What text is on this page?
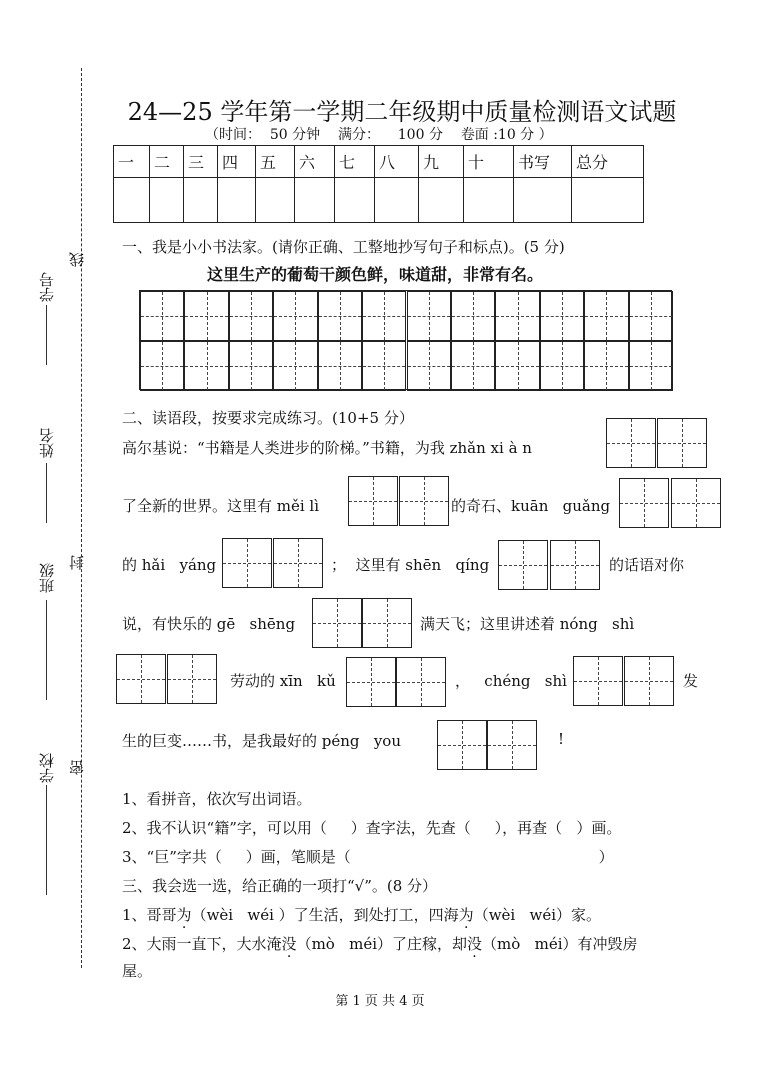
学号
线
姓名
班级
封
学校 密
24—25 学年第一学期二年级期中质量检测语文试题
（时间：  50 分钟    满分：    100 分    卷面 :10 分 ）
一	二	三	四	五	六	七	八	九	十	书写	总分

一、我是小小书法家。(请你正确、工整地抄写句子和标点)。(5 分)
这里生产的葡萄干颜色鲜，味道甜，非常有名。
二、读语段，按要求完成练习。(10+5 分）
高尔基说：“书籍是人类进步的阶梯。”书籍，为我 zhǎn xi à n
了全新的世界。这里有 měi lì	的奇石、kuān   guǎng
的 hǎi   yáng	；  这里有 shēn   qíng	的话语对你
说，有快乐的 gē   shēng	满天飞；这里讲述着 nóng   shì
劳动的 xīn   kǔ	，   chéng   shì	发
生的巨变……书，是我最好的 péng   you	!
1、看拼音，依次写出词语。
2、我不认识“籍”字，可以用（     ）查字法，先查（     ），再查（   ）画。
3、“巨”字共（     ）画，笔顺是（                                                    ）
三、我会选一选，给正确的一项打“√”。(8 分）
1、哥哥为（wèi   wéi ）了生活，到处打工，四海为（wèi   wéi）家。
2、大雨一直下，大水淹没（mò   méi）了庄稼，却没（mò   méi）有冲毁房
屋。
第 1 页 共 4 页
